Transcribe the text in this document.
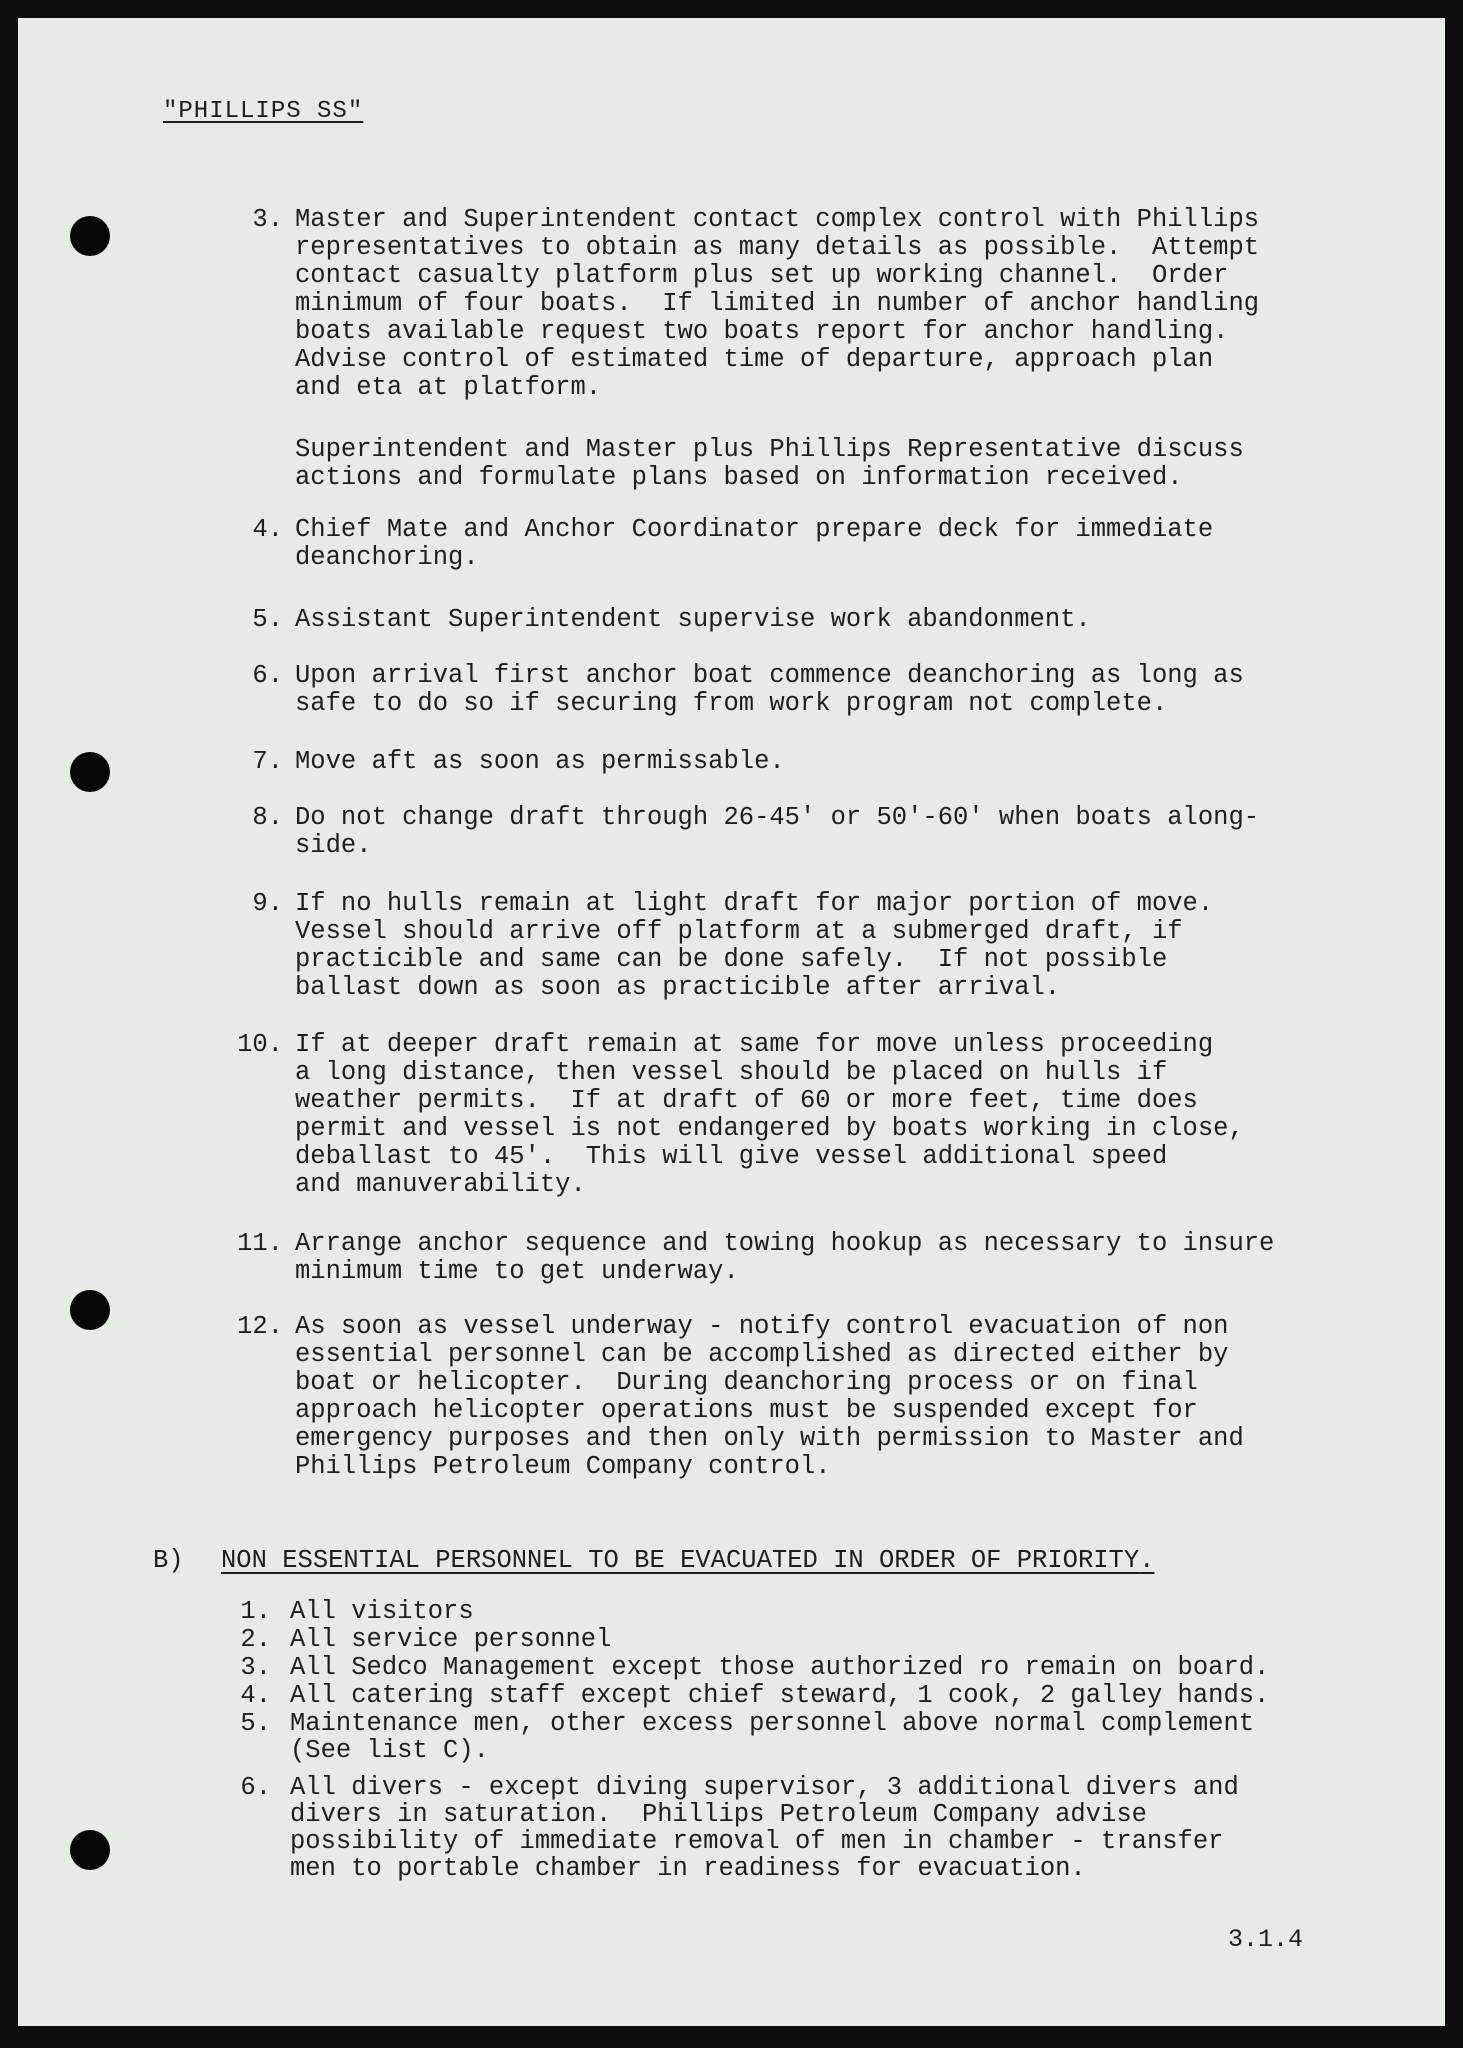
"PHILLIPS SS"
3. Master and Superintendent contact complex control with Phillips
representatives to obtain as many details as possible.  Attempt
contact casualty platform plus set up working channel.  Order
minimum of four boats.  If limited in number of anchor handling
boats available request two boats report for anchor handling.
Advise control of estimated time of departure, approach plan
and eta at platform.
Superintendent and Master plus Phillips Representative discuss
actions and formulate plans based on information received.
4. Chief Mate and Anchor Coordinator prepare deck for immediate
deanchoring.
5. Assistant Superintendent supervise work abandonment.
6. Upon arrival first anchor boat commence deanchoring as long as
safe to do so if securing from work program not complete.
7. Move aft as soon as permissable.
8. Do not change draft through 26-45' or 50'-60' when boats along-
side.
9. If no hulls remain at light draft for major portion of move.
Vessel should arrive off platform at a submerged draft, if
practicible and same can be done safely.  If not possible
ballast down as soon as practicible after arrival.
10. If at deeper draft remain at same for move unless proceeding
a long distance, then vessel should be placed on hulls if
weather permits.  If at draft of 60 or more feet, time does
permit and vessel is not endangered by boats working in close,
deballast to 45'.  This will give vessel additional speed
and manuverability.
11. Arrange anchor sequence and towing hookup as necessary to insure
minimum time to get underway.
12. As soon as vessel underway - notify control evacuation of non
essential personnel can be accomplished as directed either by
boat or helicopter.  During deanchoring process or on final
approach helicopter operations must be suspended except for
emergency purposes and then only with permission to Master and
Phillips Petroleum Company control.
B) NON ESSENTIAL PERSONNEL TO BE EVACUATED IN ORDER OF PRIORITY.
1. All visitors
2. All service personnel
3. All Sedco Management except those authorized ro remain on board.
4. All catering staff except chief steward, 1 cook, 2 galley hands.
5. Maintenance men, other excess personnel above normal complement
(See list C).
6. All divers - except diving supervisor, 3 additional divers and
divers in saturation.  Phillips Petroleum Company advise
possibility of immediate removal of men in chamber - transfer
men to portable chamber in readiness for evacuation.
3.1.4
